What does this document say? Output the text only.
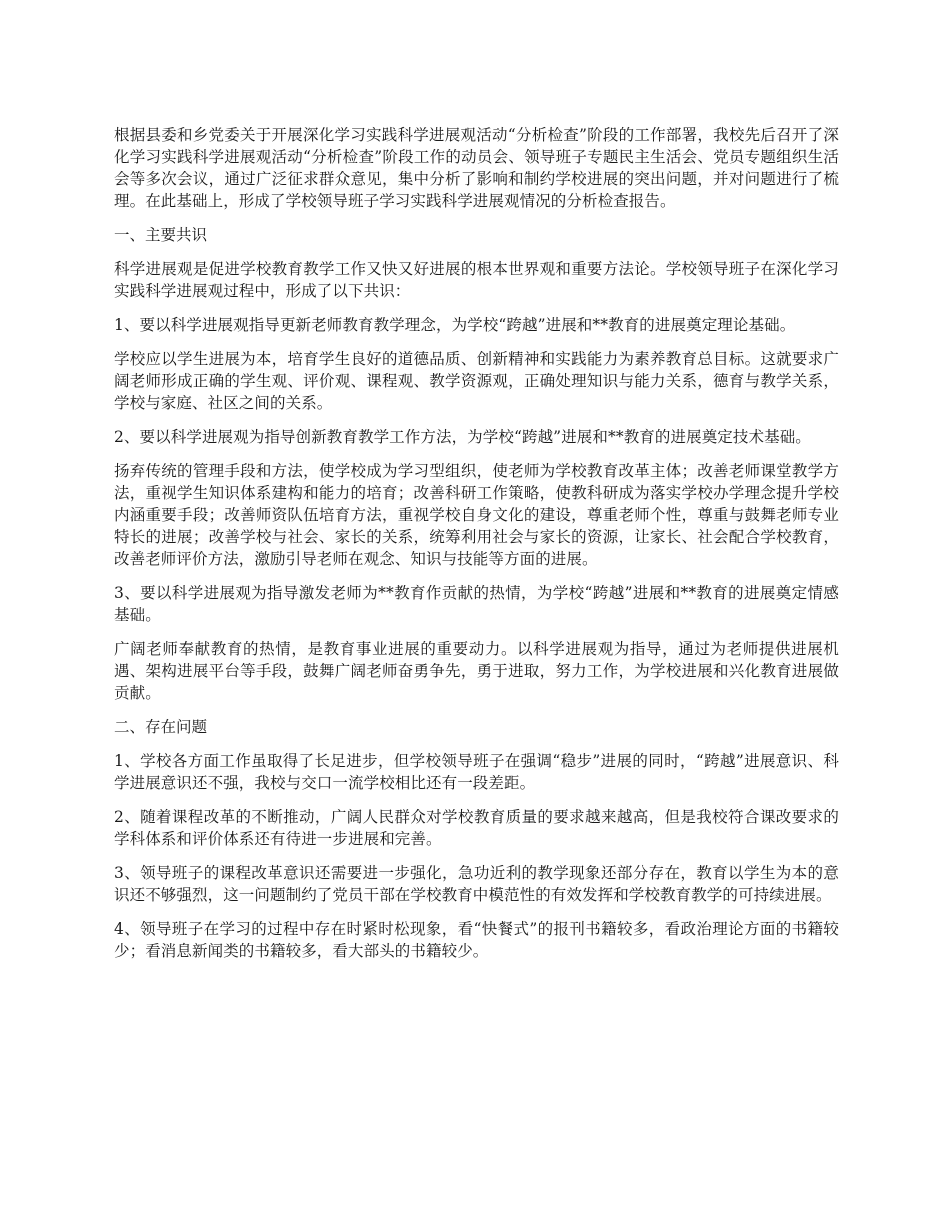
根据县委和乡党委关于开展深化学习实践科学进展观活动“分析检查”阶段的工作部署，我校先后召开了深化学习实践科学进展观活动“分析检查”阶段工作的动员会、领导班子专题民主生活会、党员专题组织生活会等多次会议，通过广泛征求群众意见，集中分析了影响和制约学校进展的突出问题，并对问题进行了梳理。在此基础上，形成了学校领导班子学习实践科学进展观情况的分析检查报告。

一、主要共识

科学进展观是促进学校教育教学工作又快又好进展的根本世界观和重要方法论。学校领导班子在深化学习实践科学进展观过程中，形成了以下共识：

1、要以科学进展观指导更新老师教育教学理念，为学校“跨越”进展和**教育的进展奠定理论基础。

学校应以学生进展为本，培育学生良好的道德品质、创新精神和实践能力为素养教育总目标。这就要求广阔老师形成正确的学生观、评价观、课程观、教学资源观，正确处理知识与能力关系，德育与教学关系，学校与家庭、社区之间的关系。

2、要以科学进展观为指导创新教育教学工作方法，为学校“跨越”进展和**教育的进展奠定技术基础。

扬弃传统的管理手段和方法，使学校成为学习型组织，使老师为学校教育改革主体；改善老师课堂教学方法，重视学生知识体系建构和能力的培育；改善科研工作策略，使教科研成为落实学校办学理念提升学校内涵重要手段；改善师资队伍培育方法，重视学校自身文化的建设，尊重老师个性，尊重与鼓舞老师专业特长的进展；改善学校与社会、家长的关系，统筹利用社会与家长的资源，让家长、社会配合学校教育，改善老师评价方法，激励引导老师在观念、知识与技能等方面的进展。

3、要以科学进展观为指导激发老师为**教育作贡献的热情，为学校“跨越”进展和**教育的进展奠定情感基础。

广阔老师奉献教育的热情，是教育事业进展的重要动力。以科学进展观为指导，通过为老师提供进展机遇、架构进展平台等手段，鼓舞广阔老师奋勇争先，勇于进取，努力工作，为学校进展和兴化教育进展做贡献。

二、存在问题

1、学校各方面工作虽取得了长足进步，但学校领导班子在强调“稳步”进展的同时，“跨越”进展意识、科学进展意识还不强，我校与交口一流学校相比还有一段差距。

2、随着课程改革的不断推动，广阔人民群众对学校教育质量的要求越来越高，但是我校符合课改要求的学科体系和评价体系还有待进一步进展和完善。

3、领导班子的课程改革意识还需要进一步强化，急功近利的教学现象还部分存在，教育以学生为本的意识还不够强烈，这一问题制约了党员干部在学校教育中模范性的有效发挥和学校教育教学的可持续进展。

4、领导班子在学习的过程中存在时紧时松现象，看“快餐式”的报刊书籍较多，看政治理论方面的书籍较少；看消息新闻类的书籍较多，看大部头的书籍较少。
